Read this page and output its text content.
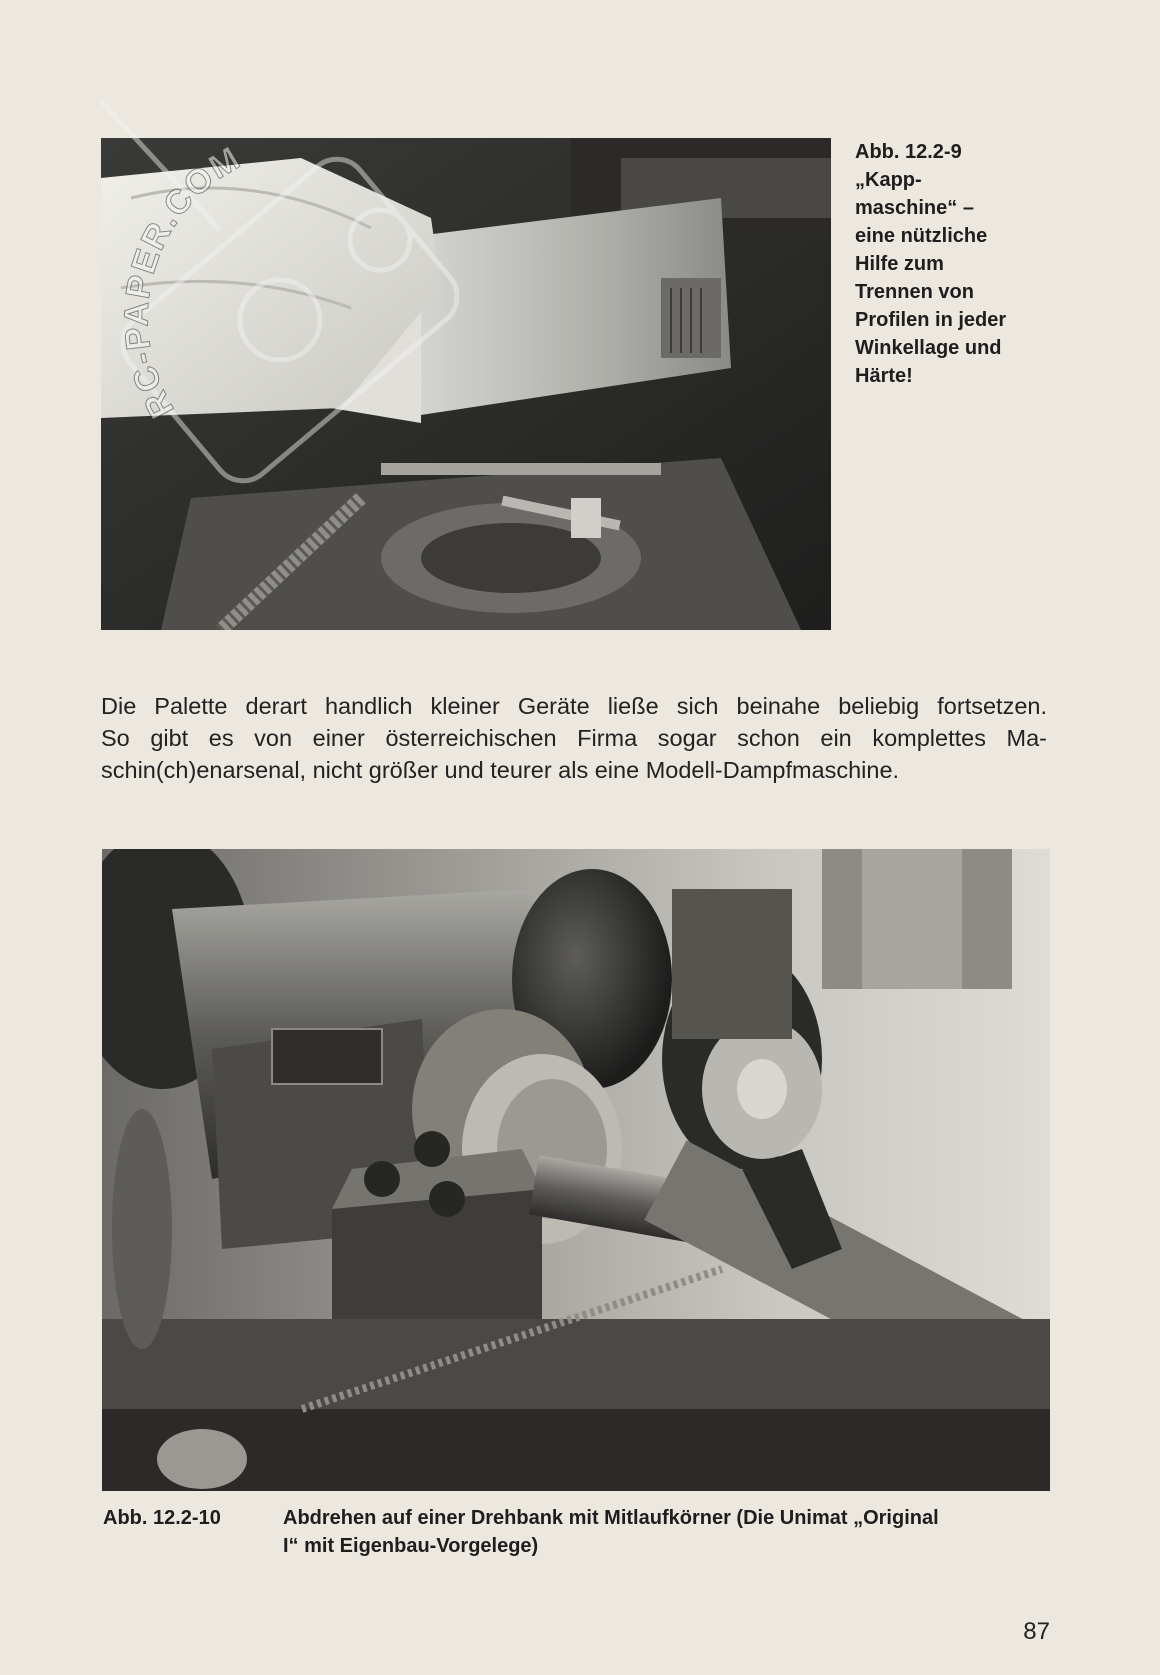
Abb. 12.2-9
„Kapp-
maschine“ –
eine nützliche
Hilfe zum
Trennen von
Profilen in jeder
Winkellage und
Härte!
Die Palette derart handlich kleiner Geräte ließe sich beinahe beliebig fortsetzen.
So gibt es von einer österreichischen Firma sogar schon ein komplettes Ma-
schin(ch)enarsenal, nicht größer und teurer als eine Modell-Dampfmaschine.
Abb. 12.2-10	Abdrehen auf einer Drehbank mit Mitlaufkörner (Die Unimat „Original
I“ mit Eigenbau-Vorgelege)
87
RC-PAPER.COM
